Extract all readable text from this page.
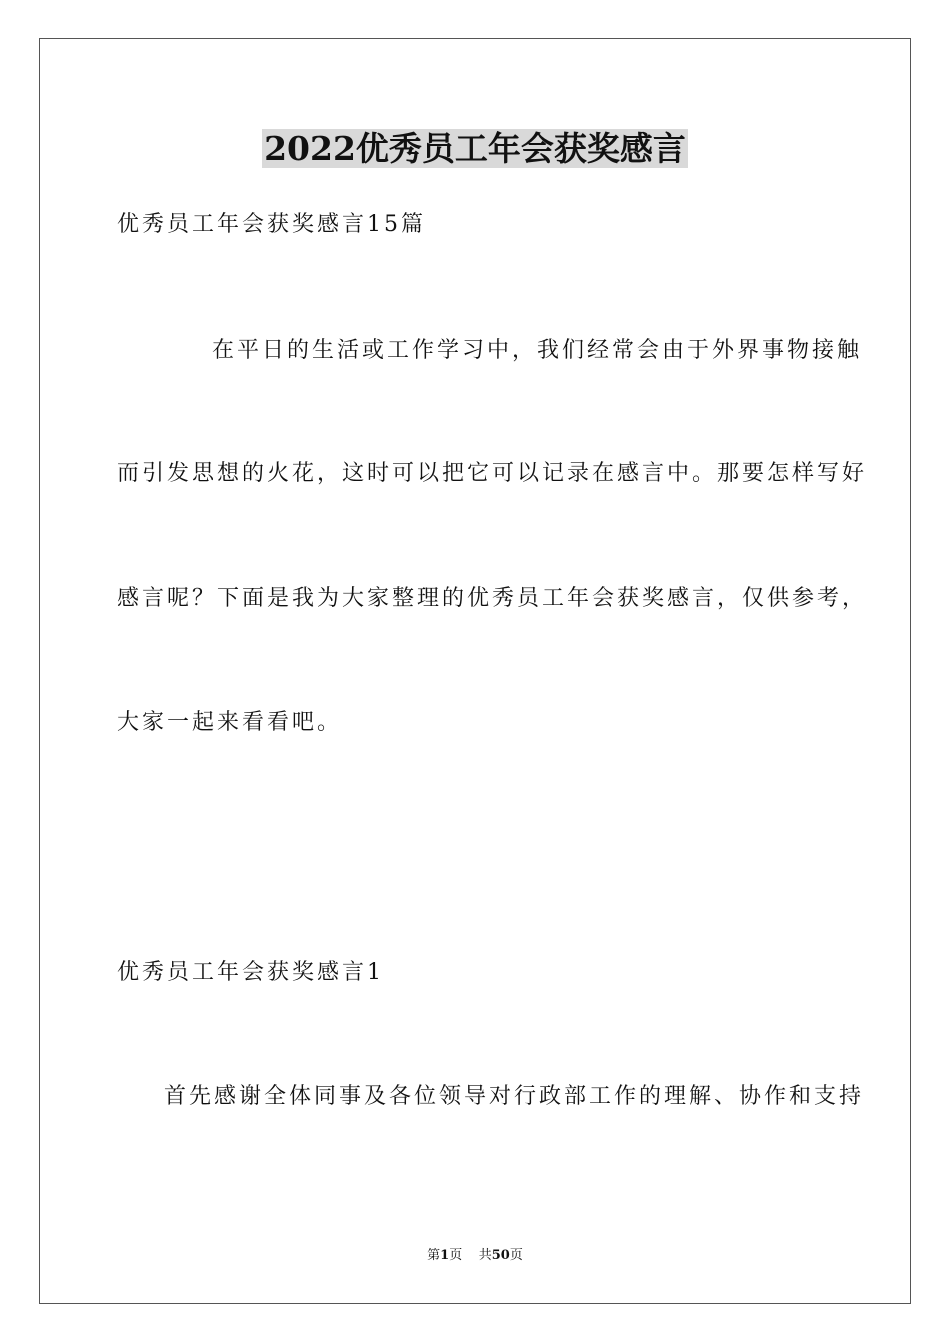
2022优秀员工年会获奖感言
优秀员工年会获奖感言15篇
在平日的生活或工作学习中，我们经常会由于外界事物接触
而引发思想的火花，这时可以把它可以记录在感言中。那要怎样写好
感言呢？下面是我为大家整理的优秀员工年会获奖感言，仅供参考，
大家一起来看看吧。
优秀员工年会获奖感言1
首先感谢全体同事及各位领导对行政部工作的理解、协作和支持
第1页 共50页
